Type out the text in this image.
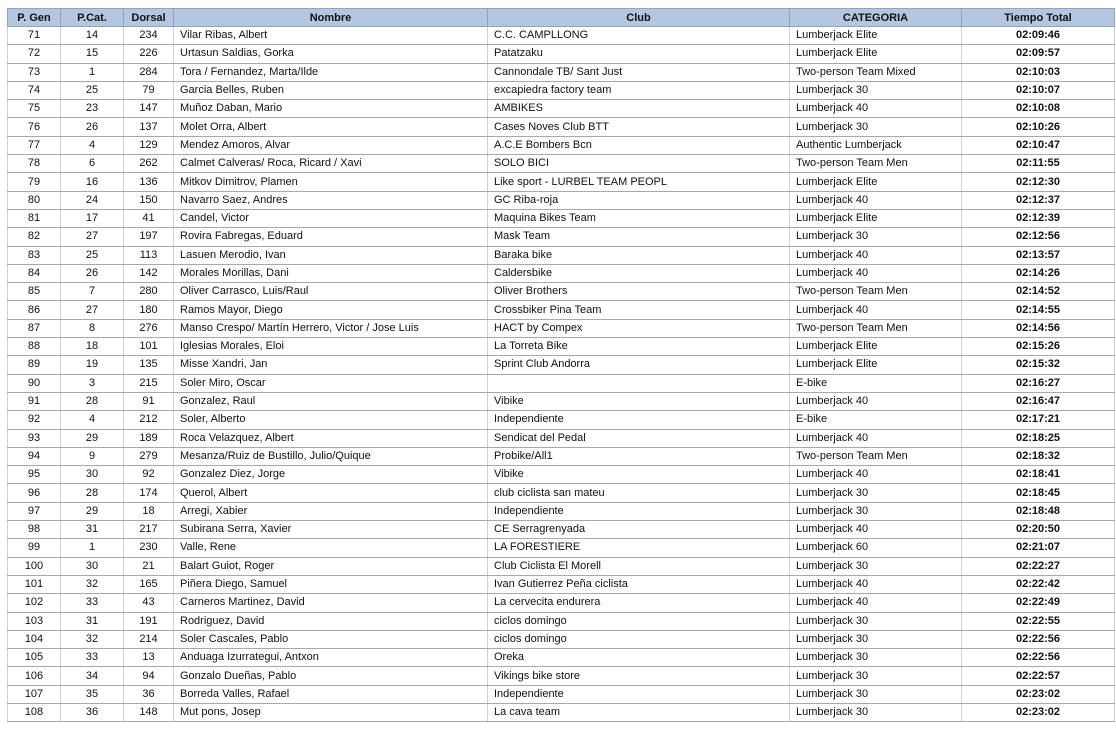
P. Gen	P.Cat.	Dorsal	Nombre	Club	CATEGORIA	Tiempo Total
71	14	234	Vilar Ribas, Albert	C.C. CAMPLLONG	Lumberjack Elite	02:09:46
72	15	226	Urtasun Saldias, Gorka	Patatzaku	Lumberjack Elite	02:09:57
73	1	284	Tora / Fernandez, Marta/Ilde	Cannondale TB/ Sant Just	Two-person Team Mixed	02:10:03
74	25	79	Garcia Belles, Ruben	excapiedra factory team	Lumberjack 30	02:10:07
75	23	147	Muñoz Daban, Mario	AMBIKES	Lumberjack 40	02:10:08
76	26	137	Molet Orra, Albert	Cases Noves Club BTT	Lumberjack 30	02:10:26
77	4	129	Mendez Amoros, Alvar	A.C.E Bombers Bcn	Authentic Lumberjack	02:10:47
78	6	262	Calmet Calveras/ Roca, Ricard / Xavi	SOLO BICI	Two-person Team Men	02:11:55
79	16	136	Mitkov Dimitrov, Plamen	Like sport - LURBEL TEAM PEOPL	Lumberjack Elite	02:12:30
80	24	150	Navarro Saez, Andres	GC Riba-roja	Lumberjack 40	02:12:37
81	17	41	Candel, Victor	Maquina Bikes Team	Lumberjack Elite	02:12:39
82	27	197	Rovira Fabregas, Eduard	Mask Team	Lumberjack 30	02:12:56
83	25	113	Lasuen Merodio, Ivan	Baraka bike	Lumberjack 40	02:13:57
84	26	142	Morales Morillas, Dani	Caldersbike	Lumberjack 40	02:14:26
85	7	280	Oliver Carrasco, Luis/Raul	Oliver Brothers	Two-person Team Men	02:14:52
86	27	180	Ramos Mayor, Diego	Crossbiker Pina Team	Lumberjack 40	02:14:55
87	8	276	Manso Crespo/ Martín Herrero, Victor / Jose Luis	HACT by Compex	Two-person Team Men	02:14:56
88	18	101	Iglesias Morales, Eloi	La Torreta Bike	Lumberjack Elite	02:15:26
89	19	135	Misse Xandri, Jan	Sprint Club Andorra	Lumberjack Elite	02:15:32
90	3	215	Soler Miro, Oscar		E-bike	02:16:27
91	28	91	Gonzalez, Raul	Vibike	Lumberjack 40	02:16:47
92	4	212	Soler, Alberto	Independiente	E-bike	02:17:21
93	29	189	Roca Velazquez, Albert	Sendicat del Pedal	Lumberjack 40	02:18:25
94	9	279	Mesanza/Ruiz de Bustillo, Julio/Quique	Probike/All1	Two-person Team Men	02:18:32
95	30	92	Gonzalez Diez, Jorge	Vibike	Lumberjack 40	02:18:41
96	28	174	Querol, Albert	club ciclista san mateu	Lumberjack 30	02:18:45
97	29	18	Arregi, Xabier	Independiente	Lumberjack 30	02:18:48
98	31	217	Subirana Serra, Xavier	CE Serragrenyada	Lumberjack 40	02:20:50
99	1	230	Valle, Rene	LA FORESTIERE	Lumberjack 60	02:21:07
100	30	21	Balart Guiot, Roger	Club Ciclista El Morell	Lumberjack 30	02:22:27
101	32	165	Piñera Diego, Samuel	Ivan Gutierrez Peña ciclista	Lumberjack 40	02:22:42
102	33	43	Carneros Martinez, David	La cervecita endurera	Lumberjack 40	02:22:49
103	31	191	Rodriguez, David	ciclos domingo	Lumberjack 30	02:22:55
104	32	214	Soler Cascales, Pablo	ciclos domingo	Lumberjack 30	02:22:56
105	33	13	Anduaga Izurrategui, Antxon	Oreka	Lumberjack 30	02:22:56
106	34	94	Gonzalo Dueñas, Pablo	Vikings bike store	Lumberjack 30	02:22:57
107	35	36	Borreda Valles, Rafael	Independiente	Lumberjack 30	02:23:02
108	36	148	Mut pons, Josep	La cava team	Lumberjack 30	02:23:02
